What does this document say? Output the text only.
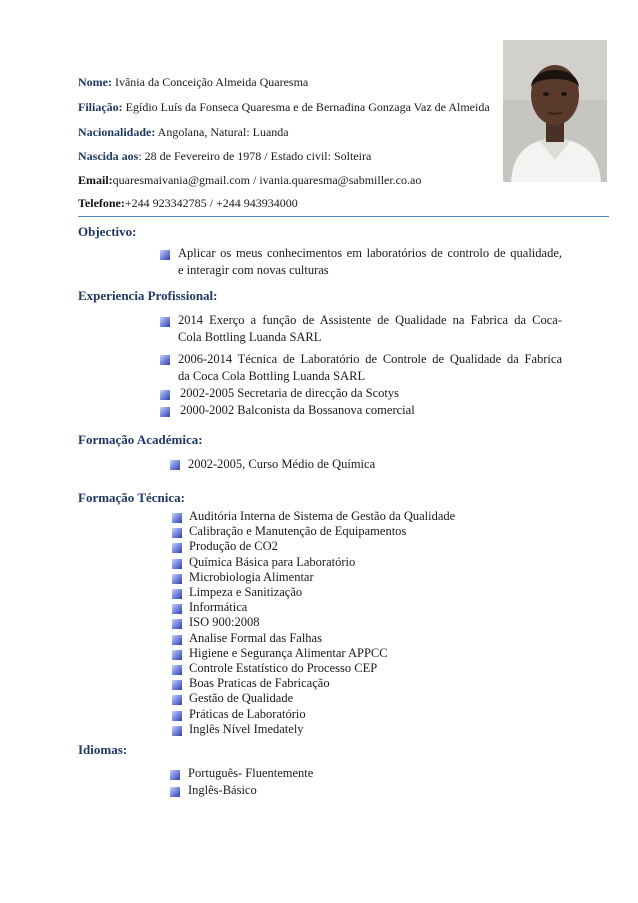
Nome: Ivânia da Conceição Almeida Quaresma
Filiação: Egídio Luís da Fonseca Quaresma e de Bernadina Gonzaga Vaz de Almeida
Nacionalidade: Angolana, Natural: Luanda
Nascida aos: 28 de Fevereiro de 1978 / Estado civil: Solteira
Email:quaresmaivania@gmail.com / ivania.quaresma@sabmiller.co.ao
Telefone:+244 923342785 / +244 943934000
Objectivo:
Aplicar os meus conhecimentos em laboratórios de controlo de qualidade,
e interagir com novas culturas
Experiencia Profissional:
2014 Exerço a função de Assistente de Qualidade na Fabrica da Coca-
Cola Bottling Luanda SARL
2006-2014 Técnica de Laboratório de Controle de Qualidade da Fabrica
da Coca Cola Bottling Luanda SARL
2002-2005 Secretaria de direcção da Scotys
2000-2002 Balconista da Bossanova comercial
Formação Académica:
2002-2005, Curso Médio de Química
Formação Técnica:
Auditória Interna de Sistema de Gestão da Qualidade
Calibração e Manutenção de Equipamentos
Produção de CO2
Química Básica para Laboratório
Microbiologia Alimentar
Limpeza e Sanitização
Informática
ISO 900:2008
Analise Formal das Falhas
Higiene e Segurança Alimentar APPCC
Controle Estatístico do Processo CEP
Boas Praticas de Fabricação
Gestão de Qualidade
Práticas de Laboratório
Inglês Nível Imedately
Idiomas:
Português- Fluentemente
Inglês-Básico
